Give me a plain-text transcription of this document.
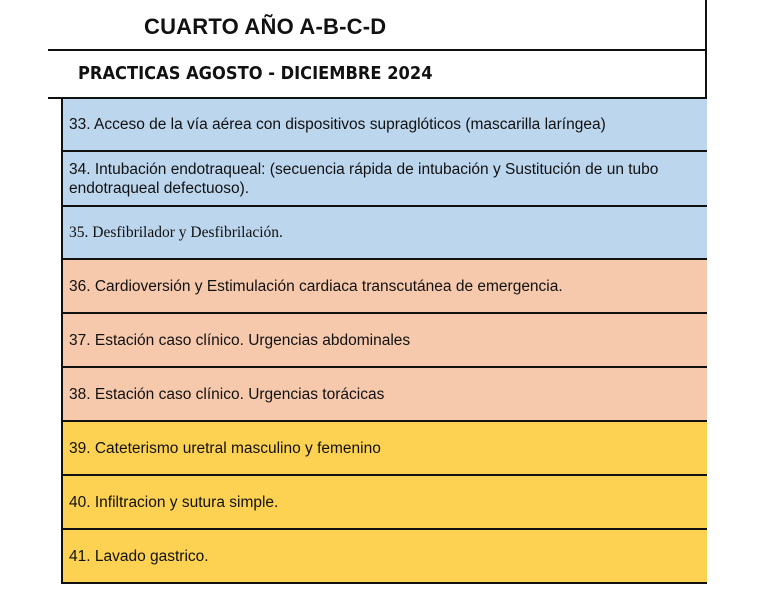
CUARTO AÑO A-B-C-D
PRACTICAS AGOSTO - DICIEMBRE 2024
33. Acceso de la vía aérea con dispositivos supraglóticos (mascarilla laríngea)
34. Intubación endotraqueal: (secuencia rápida de intubación y Sustitución de un tubo endotraqueal defectuoso).
35. Desfibrilador y Desfibrilación.
36. Cardioversión y Estimulación cardiaca transcutánea de emergencia.
37. Estación caso clínico. Urgencias abdominales
38. Estación caso clínico. Urgencias torácicas
39. Cateterismo uretral masculino y femenino
40. Infiltracion y sutura simple.
41. Lavado gastrico.
